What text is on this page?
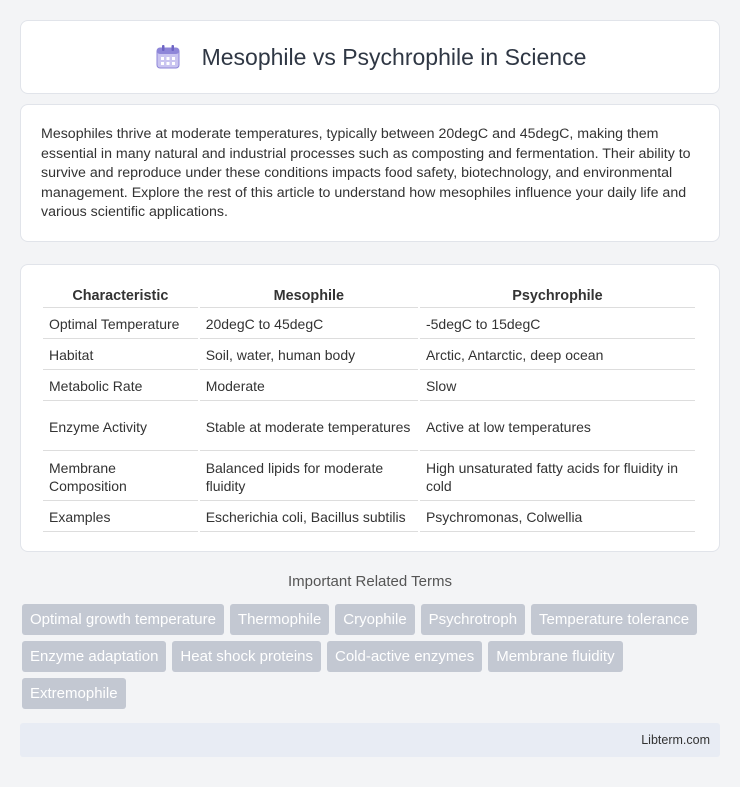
Mesophile vs Psychrophile in Science

Mesophiles thrive at moderate temperatures, typically between 20degC and 45degC, making them essential in many natural and industrial processes such as composting and fermentation. Their ability to survive and reproduce under these conditions impacts food safety, biotechnology, and environmental management. Explore the rest of this article to understand how mesophiles influence your daily life and various scientific applications.

Characteristic	Mesophile	Psychrophile
Optimal Temperature	20degC to 45degC	-5degC to 15degC
Habitat	Soil, water, human body	Arctic, Antarctic, deep ocean
Metabolic Rate	Moderate	Slow
Enzyme Activity	Stable at moderate temperatures	Active at low temperatures
Membrane Composition	Balanced lipids for moderate fluidity	High unsaturated fatty acids for fluidity in cold
Examples	Escherichia coli, Bacillus subtilis	Psychromonas, Colwellia
Important Related Terms
Optimal growth temperature	Thermophile	Cryophile	Psychrotroph	Temperature tolerance
Enzyme adaptation	Heat shock proteins	Cold-active enzymes	Membrane fluidity
Extremophile
Libterm.com
